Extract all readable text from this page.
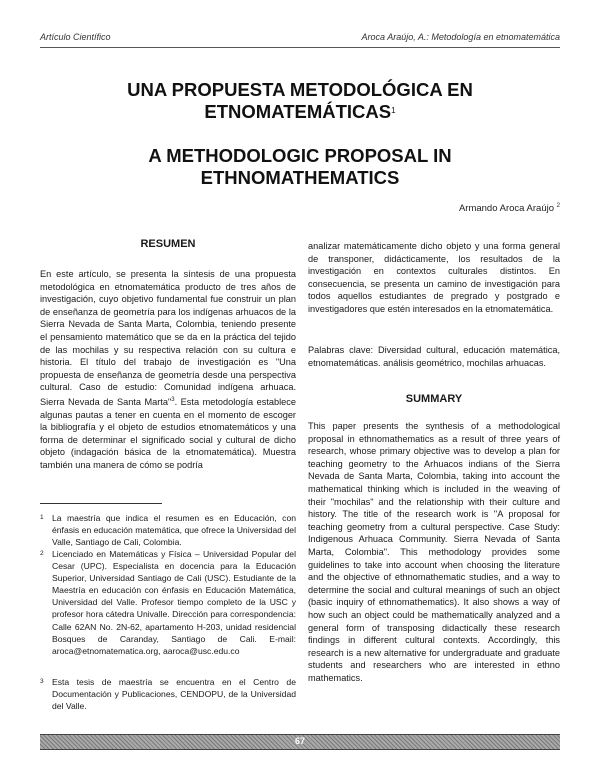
Artículo Científico	Aroca Araújo, A.: Metodología en etnomatemática
UNA PROPUESTA METODOLÓGICA EN
ETNOMATEMÁTICAS$^1$
A METHODOLOGIC PROPOSAL IN
ETHNOMATHEMATICS
Armando Aroca Araújo $^2$
RESUMEN

En este artículo, se presenta la síntesis de una propuesta metodológica en etnomatemática producto de tres años de investigación, cuyo objetivo fundamental fue construir un plan de enseñanza de geometría para los indígenas arhuacos de la Sierra Nevada de Santa Marta, Colombia, teniendo presente el pensamiento matemático que se da en la práctica del tejido de las mochilas y su respectiva relación con su cultura e historia. El título del trabajo de investigación es "Una propuesta de enseñanza de geometría desde una perspectiva cultural. Caso de estudio: Comunidad indígena arhuaca. Sierra Nevada de Santa Marta"$^3$. Esta metodología establece algunas pautas a tener en cuenta en el momento de escoger la bibliografía y el objeto de estudios etnomatemáticos y una forma de determinar el significado social y cultural de dicho objeto (indagación básica de la etnomatemática). Muestra también una manera de cómo se podría

1 La maestría que indica el resumen es en Educación, con énfasis en educación matemática, que ofrece la Universidad del Valle, Santiago de Cali, Colombia.
2 Licenciado en Matemáticas y Física – Universidad Popular del Cesar (UPC). Especialista en docencia para la Educación Superior, Universidad Santiago de Cali (USC). Estudiante de la Maestría en educación con énfasis en Educación Matemática, Universidad del Valle. Profesor tiempo completo de la USC y profesor hora cátedra Univalle. Dirección para correspondencia: Calle 62AN No. 2N-62, apartamento H-203, unidad residencial Bosques de Caranday, Santiago de Cali. E-mail: aroca@etnomatematica.org, aaroca@usc.edu.co
3 Esta tesis de maestría se encuentra en el Centro de Documentación y Publicaciones, CENDOPU, de la Universidad del Valle.

analizar matemáticamente dicho objeto y una forma general de transponer, didácticamente, los resultados de la investigación en contextos culturales distintos. En consecuencia, se presenta un camino de investigación para todos aquellos estudiantes de pregrado y postgrado e investigadores que estén interesados en la etnomatemática.

Palabras clave: Diversidad cultural, educación matemática, etnomatemáticas. análisis geométrico, mochilas arhuacas.

SUMMARY

This paper presents the synthesis of a methodological proposal in ethnomathematics as a result of three years of research, whose primary objective was to develop a plan for teaching geometry to the Arhuacos indians of the Sierra Nevada de Santa Marta, Colombia, taking into account the mathematical thinking which is included in the weaving of their "mochilas" and the relationship with their culture and history. The title of the research work is "A proposal for teaching geometry from a cultural perspective. Case Study: Indigenous Arhuaca Community. Sierra Nevada of Santa Marta, Colombia". This methodology provides some guidelines to take into account when choosing the literature and the objective of ethnomathematic studies, and a way to determine the social and cultural meanings of such an object (basic inquiry of ethnomathematics). It also shows a way of how such an object could be mathematically analyzed and a general form of transposing didactically these research findings in different cultural contexts. Accordingly, this research is a new alternative for undergraduate and graduate students and researchers who are interested in ethno mathematics.

67
